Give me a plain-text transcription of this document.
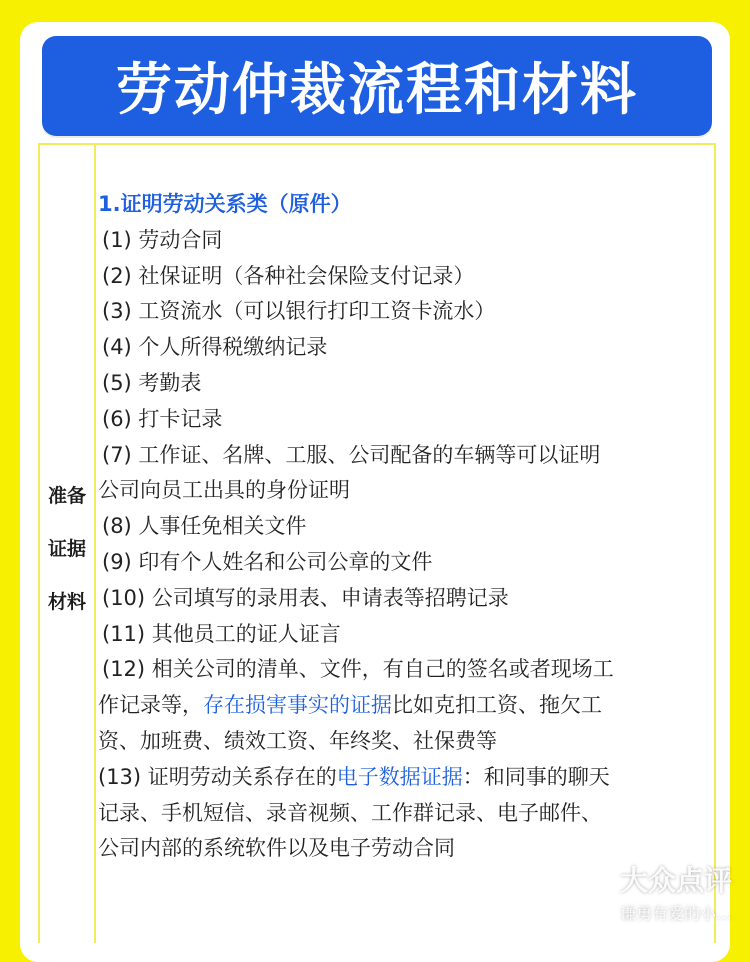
劳动仲裁流程和材料
准备
证据
材料
1.证明劳动关系类（原件）

(1) 劳动合同

(2) 社保证明（各种社会保险支付记录）

(3) 工资流水（可以银行打印工资卡流水）

(4) 个人所得税缴纳记录

(5) 考勤表

(6) 打卡记录

(7) 工作证、名牌、工服、公司配备的车辆等可以证明

公司向员工出具的身份证明

(8) 人事任免相关文件

(9) 印有个人姓名和公司公章的文件

(10) 公司填写的录用表、申请表等招聘记录

(11) 其他员工的证人证言

(12) 相关公司的清单、文件，有自己的签名或者现场工

作记录等，存在损害事实的证据比如克扣工资、拖欠工

资、加班费、绩效工资、年终奖、社保费等

(13) 证明劳动关系存在的电子数据证据：和同事的聊天

记录、手机短信、录音视频、工作群记录、电子邮件、

公司内部的系统软件以及电子劳动合同

大众点评
谦勇有爱的小…
